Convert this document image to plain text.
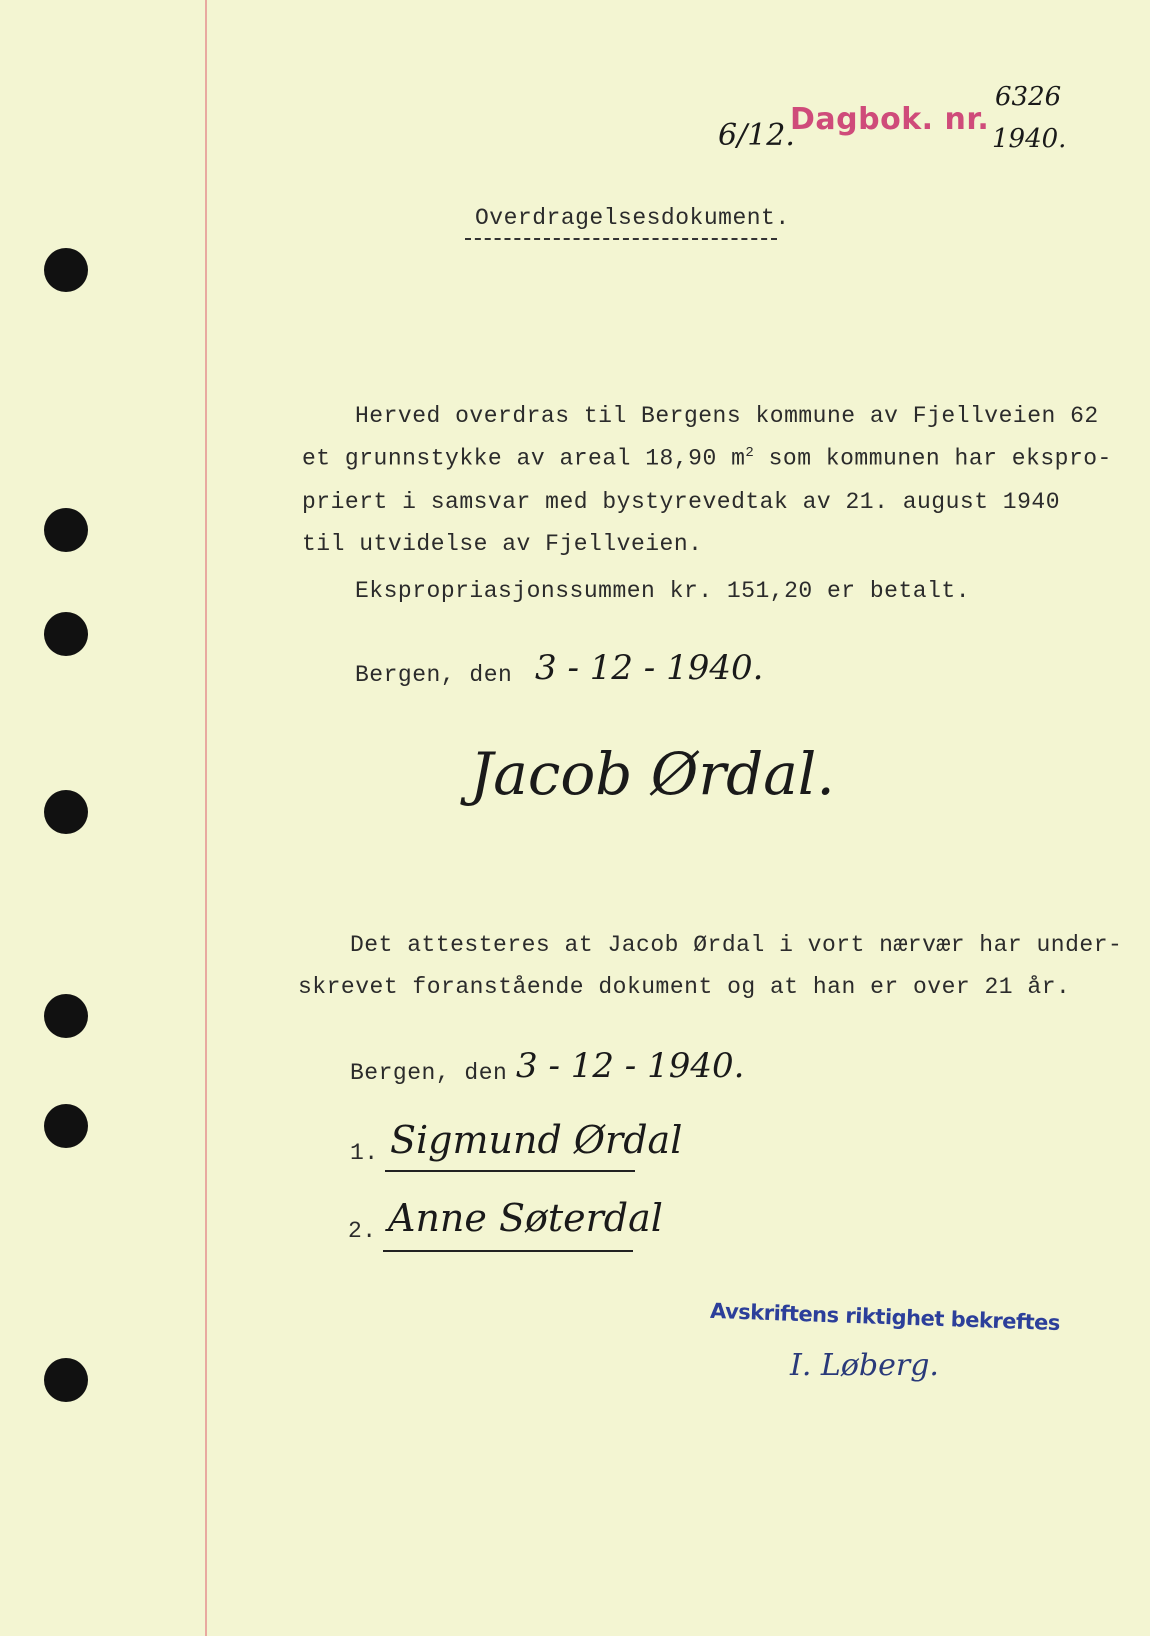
6/12.
Dagbok. nr.
6326
1940.
Overdragelsesdokument.
Herved overdras til Bergens kommune av Fjellveien 62
et grunnstykke av areal 18,90 $m^2$ som kommunen har ekspro-
priert i samsvar med bystyrevedtak av 21. august 1940
til utvidelse av Fjellveien.
Ekspropriasjonssummen kr. 151,20 er betalt.
Bergen, den 3 - 12 - 1940.
Jacob Ørdal.
Det attesteres at Jacob Ørdal i vort nærvær har under-
skrevet foranstående dokument og at han er over 21 år.
Bergen, den 3 - 12 - 1940.
1. Sigmund Ørdal
2. Anne Søterdal
Avskriftens riktighet bekreftes
I. Løberg.
